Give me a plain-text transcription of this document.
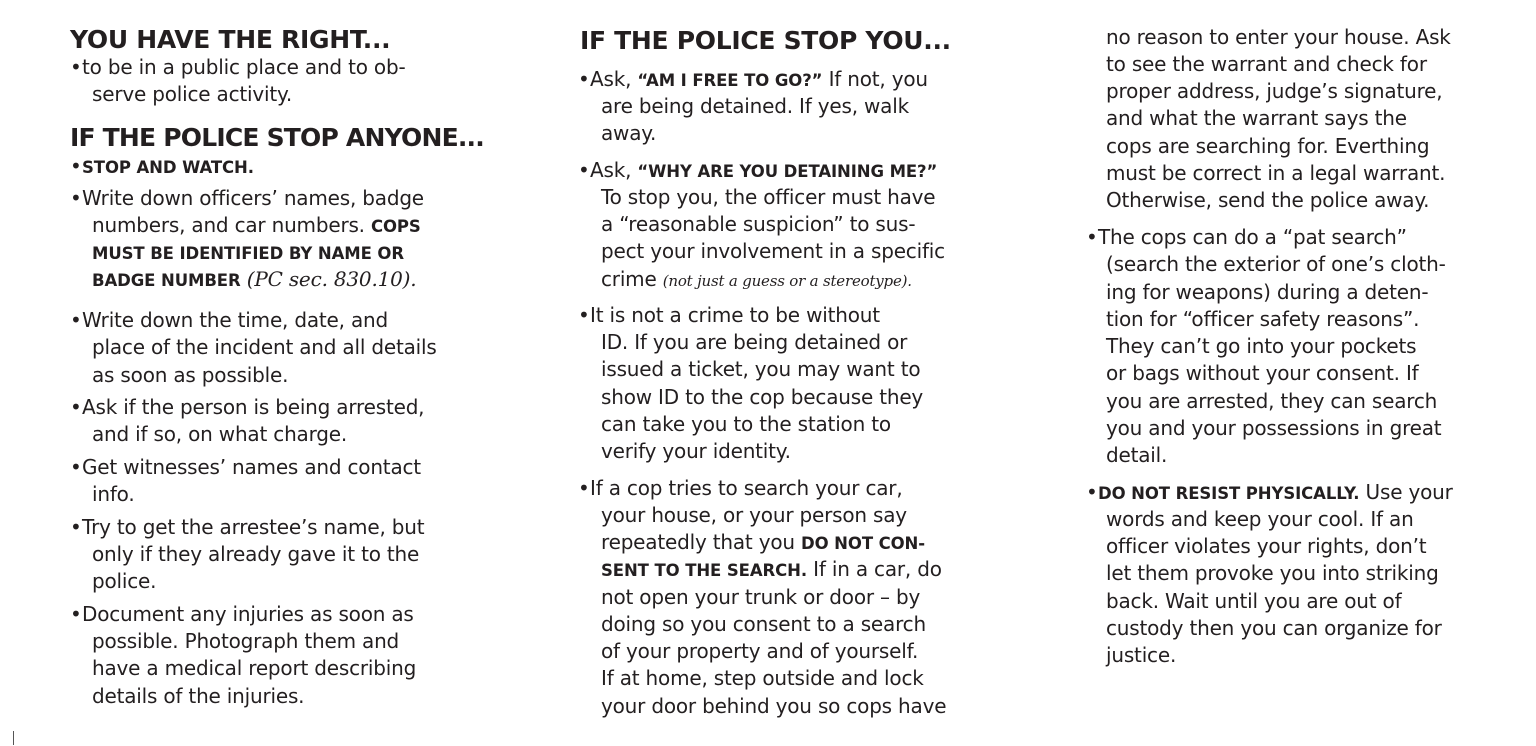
YOU HAVE THE RIGHT...
•to be in a public place and to ob-
serve police activity.
IF THE POLICE STOP ANYONE...
•STOP AND WATCH.
•Write down officers’ names, badge
numbers, and car numbers. COPS
MUST BE IDENTIFIED BY NAME OR
BADGE NUMBER (PC sec. 830.10).
•Write down the time, date, and
place of the incident and all details
as soon as possible.
•Ask if the person is being arrested,
and if so, on what charge.
•Get witnesses’ names and contact
info.
•Try to get the arrestee’s name, but
only if they already gave it to the
police.
•Document any injuries as soon as
possible. Photograph them and
have a medical report describing
details of the injuries.
IF THE POLICE STOP YOU...
•Ask, “AM I FREE TO GO?” If not, you
are being detained. If yes, walk
away.
•Ask, “WHY ARE YOU DETAINING ME?”
To stop you, the officer must have
a “reasonable suspicion” to sus-
pect your involvement in a specific
crime (not just a guess or a stereotype).
•It is not a crime to be without
ID. If you are being detained or
issued a ticket, you may want to
show ID to the cop because they
can take you to the station to
verify your identity.
•If a cop tries to search your car,
your house, or your person say
repeatedly that you DO NOT CON-
SENT TO THE SEARCH. If in a car, do
not open your trunk or door – by
doing so you consent to a search
of your property and of yourself.
If at home, step outside and lock
your door behind you so cops have
no reason to enter your house. Ask
to see the warrant and check for
proper address, judge’s signature,
and what the warrant says the
cops are searching for. Everthing
must be correct in a legal warrant.
Otherwise, send the police away.
•The cops can do a “pat search”
(search the exterior of one’s cloth-
ing for weapons) during a deten-
tion for “officer safety reasons”.
They can’t go into your pockets
or bags without your consent. If
you are arrested, they can search
you and your possessions in great
detail.
•DO NOT RESIST PHYSICALLY. Use your
words and keep your cool. If an
officer violates your rights, don’t
let them provoke you into striking
back. Wait until you are out of
custody then you can organize for
justice.
